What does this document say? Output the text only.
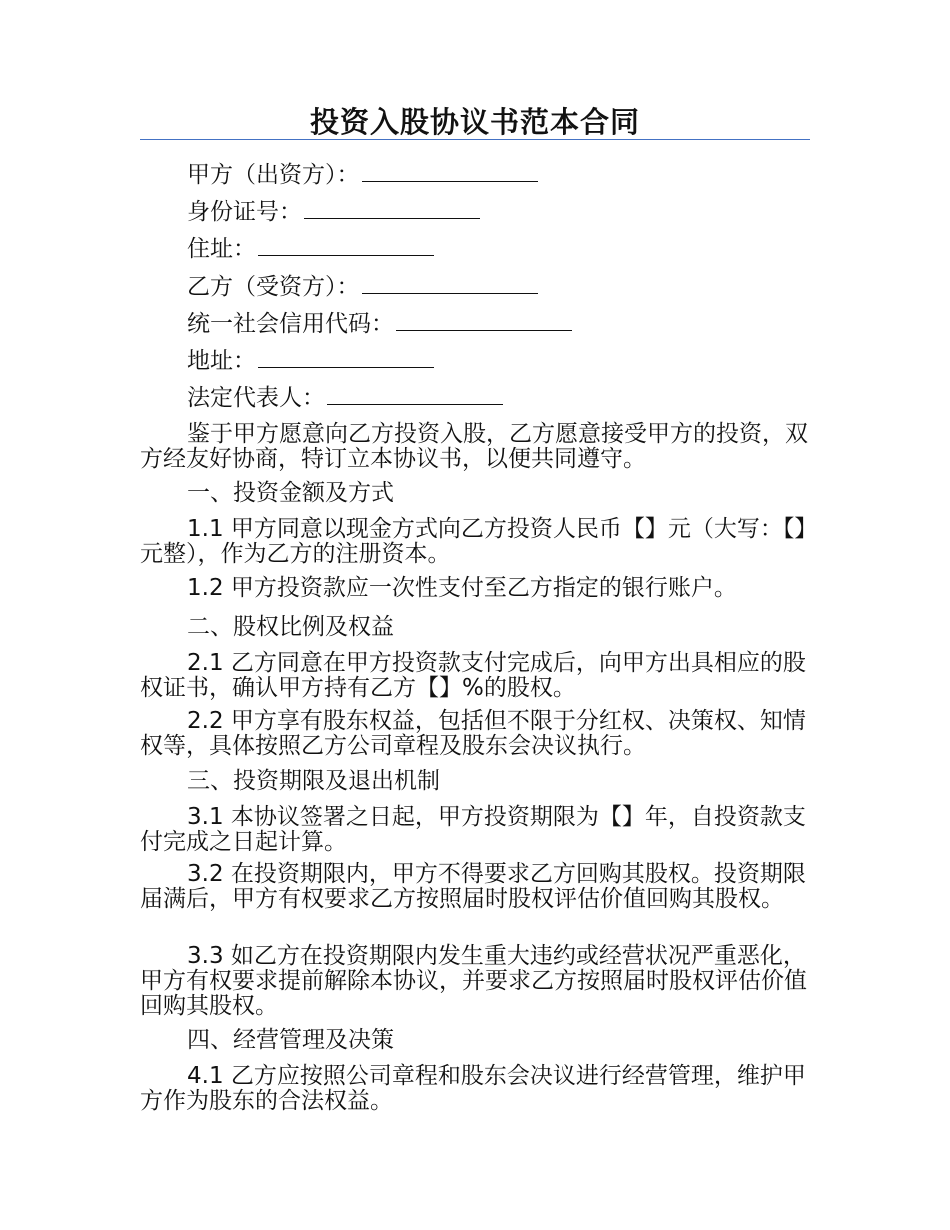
投资入股协议书范本合同
甲方（出资方）：
身份证号：
住址：
乙方（受资方）：
统一社会信用代码：
地址：
法定代表人：

鉴于甲方愿意向乙方投资入股，乙方愿意接受甲方的投资，双方经友好协商，特订立本协议书，以便共同遵守。

一、投资金额及方式

1.1 甲方同意以现金方式向乙方投资人民币【】元（大写：【】元整），作为乙方的注册资本。

1.2 甲方投资款应一次性支付至乙方指定的银行账户。

二、股权比例及权益

2.1 乙方同意在甲方投资款支付完成后，向甲方出具相应的股权证书，确认甲方持有乙方【】%的股权。

2.2 甲方享有股东权益，包括但不限于分红权、决策权、知情权等，具体按照乙方公司章程及股东会决议执行。

三、投资期限及退出机制

3.1 本协议签署之日起，甲方投资期限为【】年，自投资款支付完成之日起计算。

3.2 在投资期限内，甲方不得要求乙方回购其股权。投资期限届满后，甲方有权要求乙方按照届时股权评估价值回购其股权。

3.3 如乙方在投资期限内发生重大违约或经营状况严重恶化，甲方有权要求提前解除本协议，并要求乙方按照届时股权评估价值回购其股权。

四、经营管理及决策

4.1 乙方应按照公司章程和股东会决议进行经营管理，维护甲方作为股东的合法权益。
